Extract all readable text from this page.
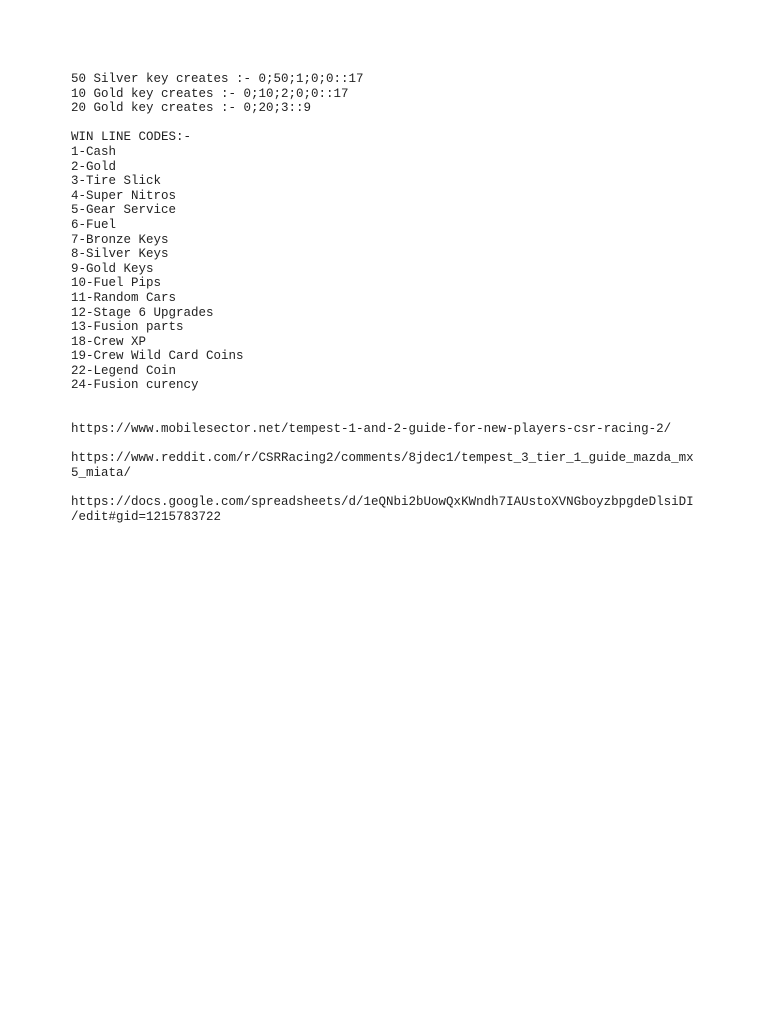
50 Silver key creates :- 0;50;1;0;0::17
10 Gold key creates :- 0;10;2;0;0::17
20 Gold key creates :- 0;20;3::9
WIN LINE CODES:-
1-Cash
2-Gold
3-Tire Slick
4-Super Nitros
5-Gear Service
6-Fuel
7-Bronze Keys
8-Silver Keys
9-Gold Keys
10-Fuel Pips
11-Random Cars
12-Stage 6 Upgrades
13-Fusion parts
18-Crew XP
19-Crew Wild Card Coins
22-Legend Coin
24-Fusion curency
https://www.mobilesector.net/tempest-1-and-2-guide-for-new-players-csr-racing-2/
https://www.reddit.com/r/CSRRacing2/comments/8jdec1/tempest_3_tier_1_guide_mazda_mx
5_miata/
https://docs.google.com/spreadsheets/d/1eQNbi2bUowQxKWndh7IAUstoXVNGboyzbpgdeDlsiDI
/edit#gid=1215783722
